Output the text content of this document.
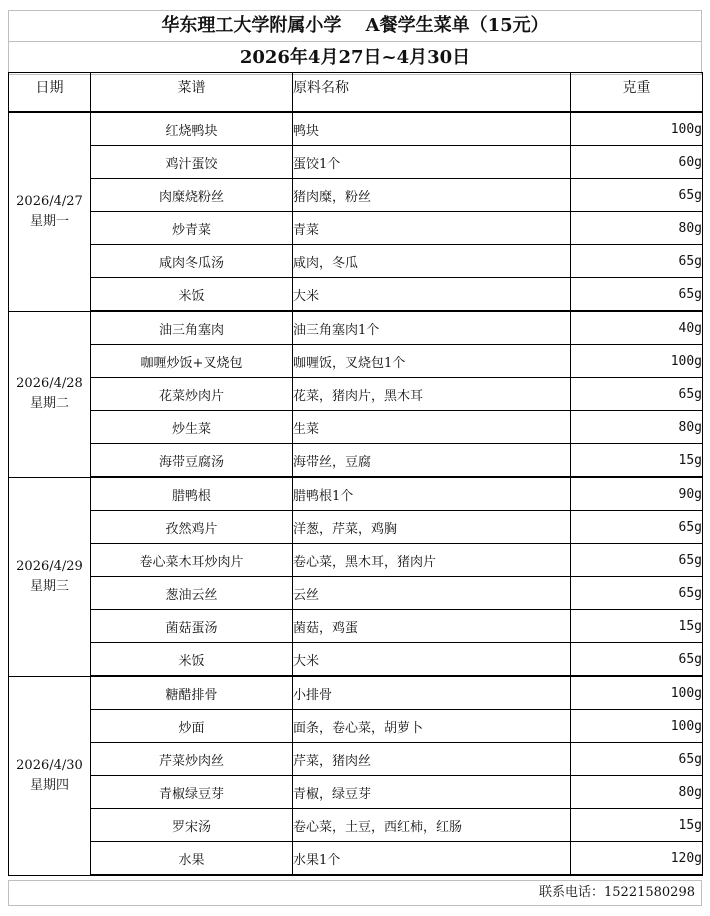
华东理工大学附属小学　 A餐学生菜单（15元）
2026年4月27日~4月30日
日期	菜谱	原料名称	克重

2026/4/27
星期一	红烧鸭块	鸭块	100g
	鸡汁蛋饺	蛋饺1个	60g
	肉糜烧粉丝	猪肉糜，粉丝	65g
	炒青菜	青菜	80g
	咸肉冬瓜汤	咸肉，冬瓜	65g
	米饭	大米	65g

2026/4/28
星期二	油三角塞肉	油三角塞肉1个	40g
	咖喱炒饭+叉烧包	咖喱饭，叉烧包1个	100g
	花菜炒肉片	花菜，猪肉片，黑木耳	65g
	炒生菜	生菜	80g
	海带豆腐汤	海带丝，豆腐	15g

2026/4/29
星期三	腊鸭根	腊鸭根1个	90g
	孜然鸡片	洋葱，芹菜，鸡胸	65g
	卷心菜木耳炒肉片	卷心菜，黑木耳，猪肉片	65g
	葱油云丝	云丝	65g
	菌菇蛋汤	菌菇，鸡蛋	15g
	米饭	大米	65g

2026/4/30
星期四	糖醋排骨	小排骨	100g
	炒面	面条，卷心菜，胡萝卜	100g
	芹菜炒肉丝	芹菜，猪肉丝	65g
	青椒绿豆芽	青椒，绿豆芽	80g
	罗宋汤	卷心菜，土豆，西红柿，红肠	15g
	水果	水果1个	120g
联系电话：15221580298
